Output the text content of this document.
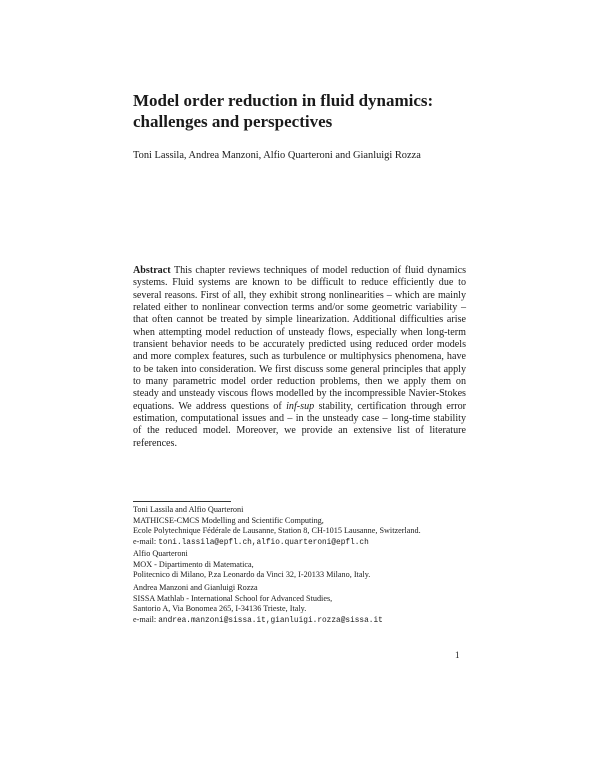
Model order reduction in fluid dynamics:
challenges and perspectives
Toni Lassila, Andrea Manzoni, Alfio Quarteroni and Gianluigi Rozza

Abstract This chapter reviews techniques of model reduction of fluid dynamics systems. Fluid systems are known to be difficult to reduce efficiently due to several reasons. First of all, they exhibit strong nonlinearities – which are mainly related either to nonlinear convection terms and/or some geometric variability – that often cannot be treated by simple linearization. Additional difficulties arise when attempting model reduction of unsteady flows, especially when long-term transient behavior needs to be accurately predicted using reduced order models and more complex features, such as turbulence or multiphysics phenomena, have to be taken into consideration. We first discuss some general principles that apply to many parametric model order reduction problems, then we apply them on steady and unsteady viscous flows modelled by the incompressible Navier-Stokes equations. We address questions of inf-sup stability, certification through error estimation, computational issues and – in the unsteady case – long-time stability of the reduced model. Moreover, we provide an extensive list of literature references.

Toni Lassila and Alfio Quarteroni
MATHICSE-CMCS Modelling and Scientific Computing,
Ecole Polytechnique Fédérale de Lausanne, Station 8, CH-1015 Lausanne, Switzerland.
e-mail: toni.lassila@epfl.ch,alfio.quarteroni@epfl.ch
Alfio Quarteroni
MOX - Dipartimento di Matematica,
Politecnico di Milano, P.za Leonardo da Vinci 32, I-20133 Milano, Italy.
Andrea Manzoni and Gianluigi Rozza
SISSA Mathlab - International School for Advanced Studies,
Santorio A, Via Bonomea 265, I-34136 Trieste, Italy.
e-mail: andrea.manzoni@sissa.it,gianluigi.rozza@sissa.it
1
